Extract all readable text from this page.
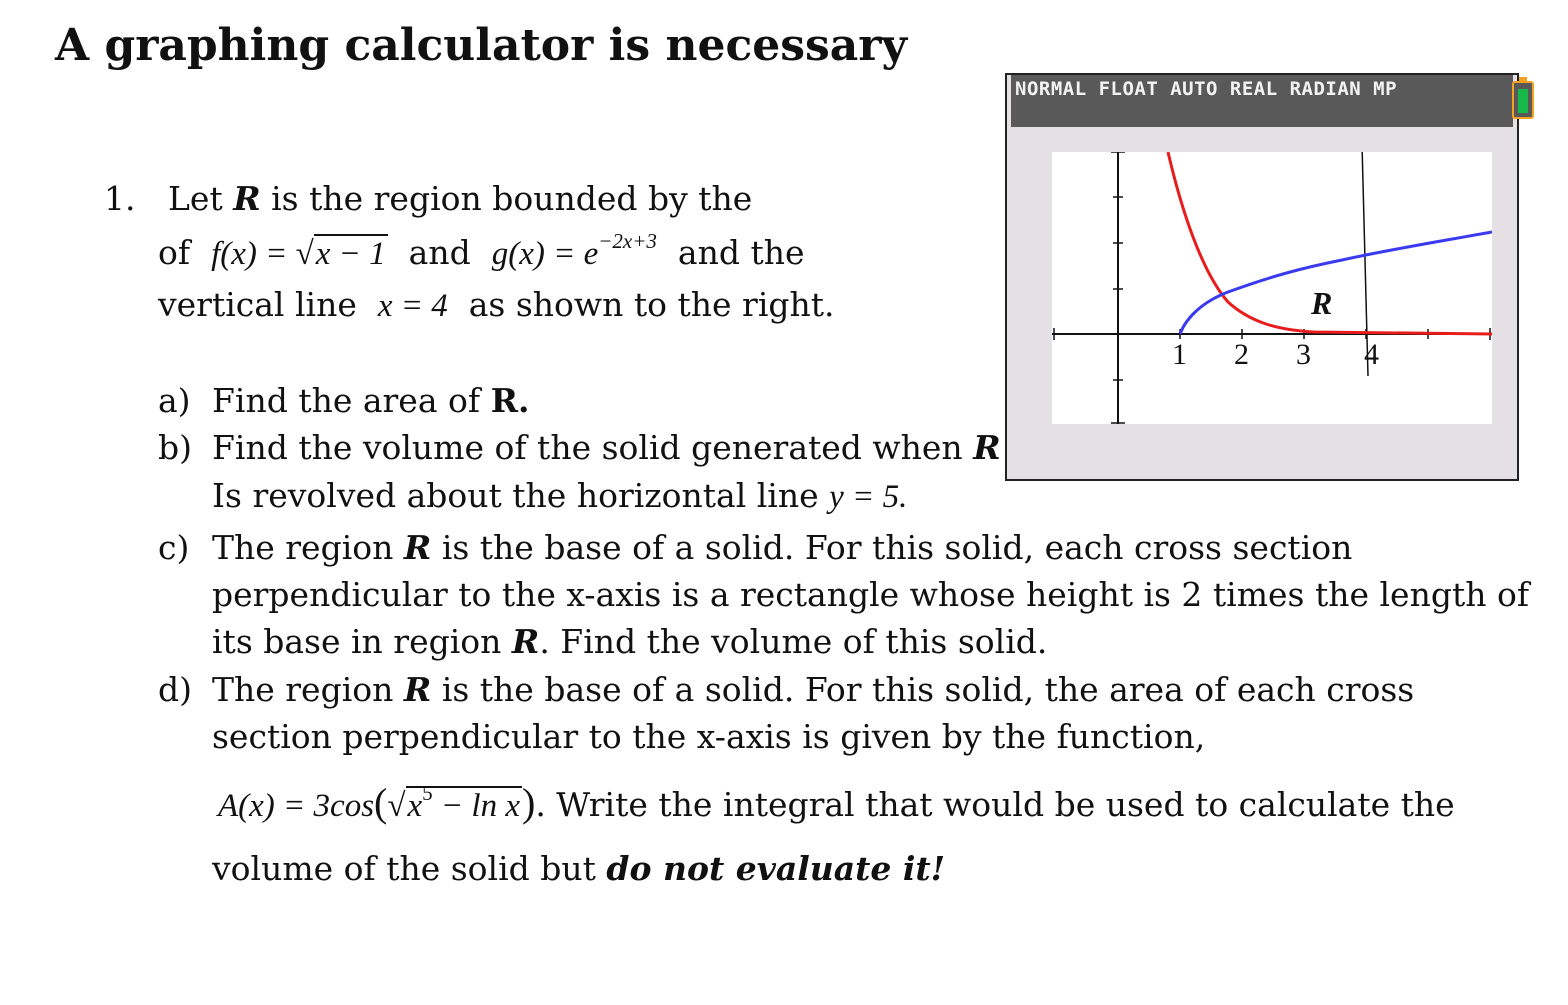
A graphing calculator is necessary
1. Let R is the region bounded by the
of f(x) = √x − 1 and $g(x) = e^{-2x+3}$ and the
vertical line x = 4 as shown to the right.
a) Find the area of R.
b) Find the volume of the solid generated when R
Is revolved about the horizontal line y = 5.
c) The region R is the base of a solid. For this solid, each cross section
perpendicular to the x-axis is a rectangle whose height is 2 times the length of
its base in region R. Find the volume of this solid.
d) The region R is the base of a solid. For this solid, the area of each cross
section perpendicular to the x-axis is given by the function,
$A(x) = 3\cos(√x^5 - \ln x)$. Write the integral that would be used to calculate the
volume of the solid but do not evaluate it!
NORMAL FLOAT AUTO REAL RADIAN MP
R
1 2 3 4
